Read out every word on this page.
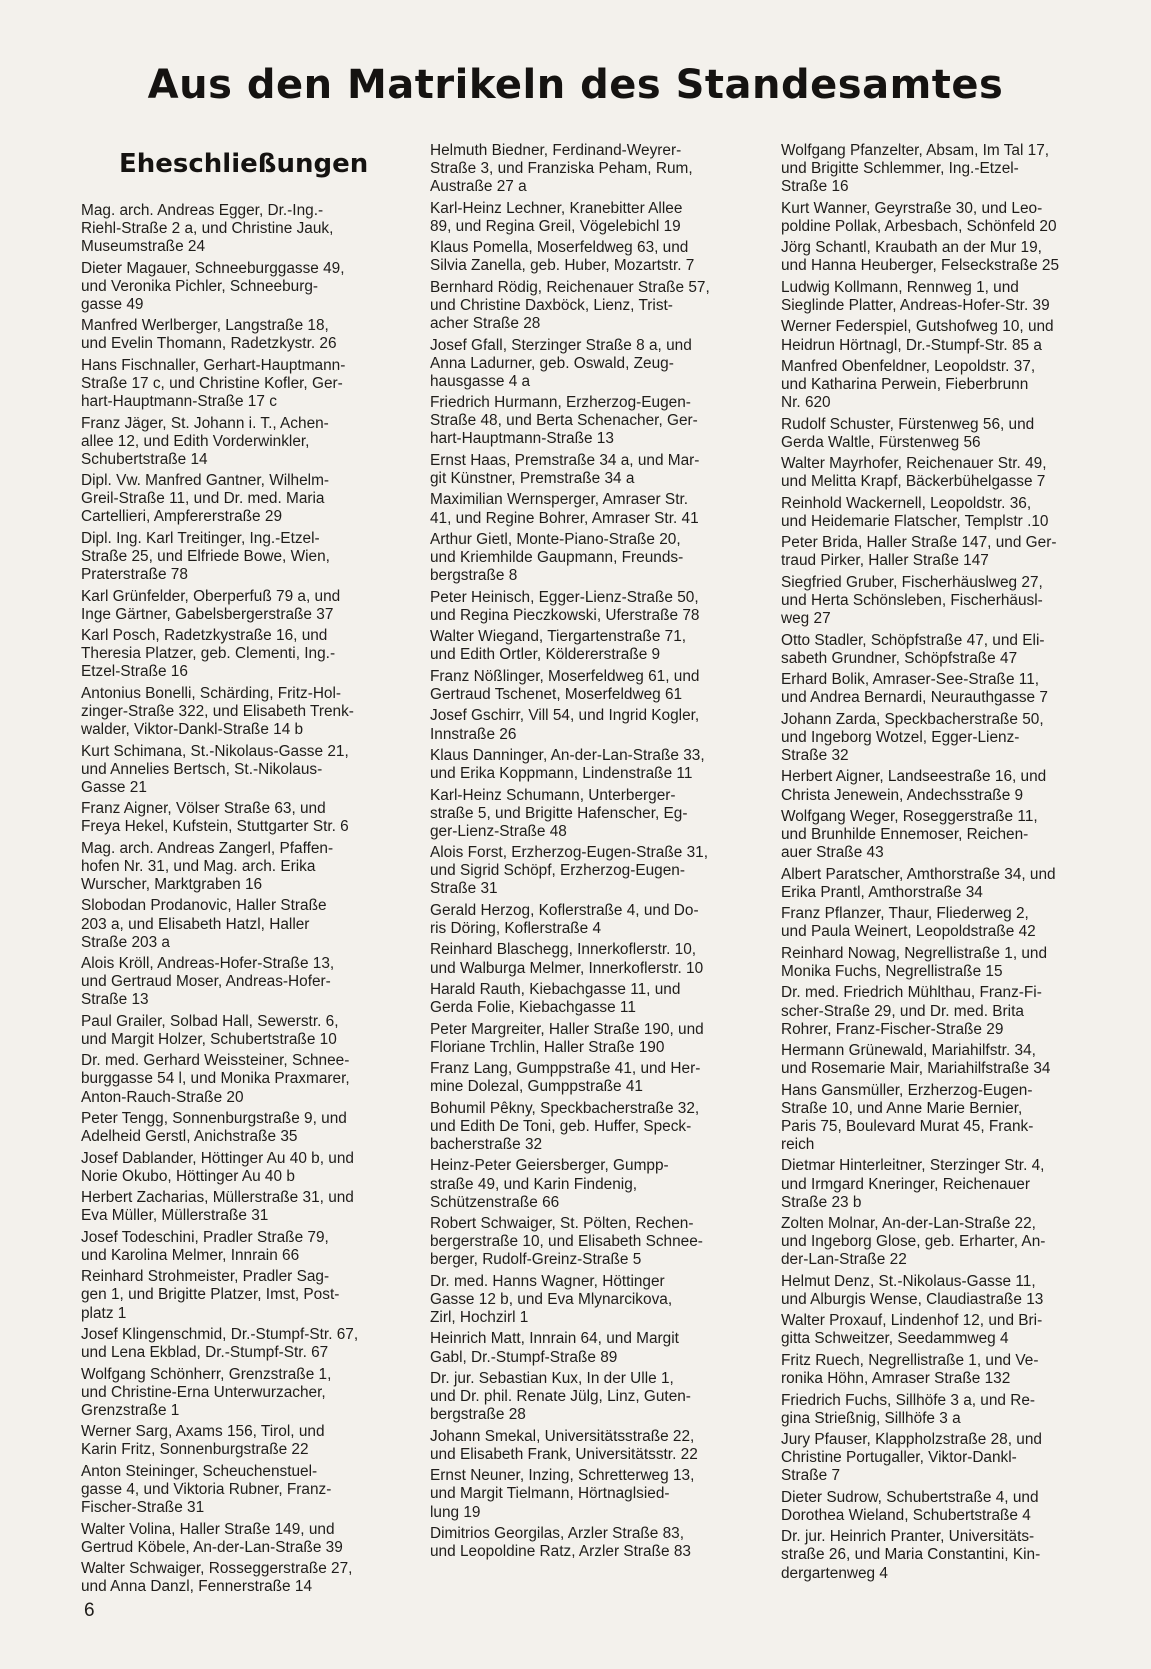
Aus den Matrikeln des Standesamtes
Eheschließungen
Mag. arch. Andreas Egger, Dr.-Ing.-
Riehl-Straße 2 a, und Christine Jauk,
Museumstraße 24
Dieter Magauer, Schneeburggasse 49,
und Veronika Pichler, Schneeburg-
gasse 49
Manfred Werlberger, Langstraße 18,
und Evelin Thomann, Radetzkystr. 26
Hans Fischnaller, Gerhart-Hauptmann-
Straße 17 c, und Christine Kofler, Ger-
hart-Hauptmann-Straße 17 c
Franz Jäger, St. Johann i. T., Achen-
allee 12, und Edith Vorderwinkler,
Schubertstraße 14
Dipl. Vw. Manfred Gantner, Wilhelm-
Greil-Straße 11, und Dr. med. Maria
Cartellieri, Ampfererstraße 29
Dipl. Ing. Karl Treitinger, Ing.-Etzel-
Straße 25, und Elfriede Bowe, Wien,
Praterstraße 78
Karl Grünfelder, Oberperfuß 79 a, und
Inge Gärtner, Gabelsbergerstraße 37
Karl Posch, Radetzkystraße 16, und
Theresia Platzer, geb. Clementi, Ing.-
Etzel-Straße 16
Antonius Bonelli, Schärding, Fritz-Hol-
zinger-Straße 322, und Elisabeth Trenk-
walder, Viktor-Dankl-Straße 14 b
Kurt Schimana, St.-Nikolaus-Gasse 21,
und Annelies Bertsch, St.-Nikolaus-
Gasse 21
Franz Aigner, Völser Straße 63, und
Freya Hekel, Kufstein, Stuttgarter Str. 6
Mag. arch. Andreas Zangerl, Pfaffen-
hofen Nr. 31, und Mag. arch. Erika
Wurscher, Marktgraben 16
Slobodan Prodanovic, Haller Straße
203 a, und Elisabeth Hatzl, Haller
Straße 203 a
Alois Kröll, Andreas-Hofer-Straße 13,
und Gertraud Moser, Andreas-Hofer-
Straße 13
Paul Grailer, Solbad Hall, Sewerstr. 6,
und Margit Holzer, Schubertstraße 10
Dr. med. Gerhard Weissteiner, Schnee-
burggasse 54 l, und Monika Praxmarer,
Anton-Rauch-Straße 20
Peter Tengg, Sonnenburgstraße 9, und
Adelheid Gerstl, Anichstraße 35
Josef Dablander, Höttinger Au 40 b, und
Norie Okubo, Höttinger Au 40 b
Herbert Zacharias, Müllerstraße 31, und
Eva Müller, Müllerstraße 31
Josef Todeschini, Pradler Straße 79,
und Karolina Melmer, Innrain 66
Reinhard Strohmeister, Pradler Sag-
gen 1, und Brigitte Platzer, Imst, Post-
platz 1
Josef Klingenschmid, Dr.-Stumpf-Str. 67,
und Lena Ekblad, Dr.-Stumpf-Str. 67
Wolfgang Schönherr, Grenzstraße 1,
und Christine-Erna Unterwurzacher,
Grenzstraße 1
Werner Sarg, Axams 156, Tirol, und
Karin Fritz, Sonnenburgstraße 22
Anton Steininger, Scheuchenstuel-
gasse 4, und Viktoria Rubner, Franz-
Fischer-Straße 31
Walter Volina, Haller Straße 149, und
Gertrud Köbele, An-der-Lan-Straße 39
Walter Schwaiger, Rosseggerstraße 27,
und Anna Danzl, Fennerstraße 14
Helmuth Biedner, Ferdinand-Weyrer-
Straße 3, und Franziska Peham, Rum,
Austraße 27 a
Karl-Heinz Lechner, Kranebitter Allee
89, und Regina Greil, Vögelebichl 19
Klaus Pomella, Moserfeldweg 63, und
Silvia Zanella, geb. Huber, Mozartstr. 7
Bernhard Rödig, Reichenauer Straße 57,
und Christine Daxböck, Lienz, Trist-
acher Straße 28
Josef Gfall, Sterzinger Straße 8 a, und
Anna Ladurner, geb. Oswald, Zeug-
hausgasse 4 a
Friedrich Hurmann, Erzherzog-Eugen-
Straße 48, und Berta Schenacher, Ger-
hart-Hauptmann-Straße 13
Ernst Haas, Premstraße 34 a, und Mar-
git Künstner, Premstraße 34 a
Maximilian Wernsperger, Amraser Str.
41, und Regine Bohrer, Amraser Str. 41
Arthur Gietl, Monte-Piano-Straße 20,
und Kriemhilde Gaupmann, Freunds-
bergstraße 8
Peter Heinisch, Egger-Lienz-Straße 50,
und Regina Pieczkowski, Uferstraße 78
Walter Wiegand, Tiergartenstraße 71,
und Edith Ortler, Köldererstraße 9
Franz Nößlinger, Moserfeldweg 61, und
Gertraud Tschenet, Moserfeldweg 61
Josef Gschirr, Vill 54, und Ingrid Kogler,
Innstraße 26
Klaus Danninger, An-der-Lan-Straße 33,
und Erika Koppmann, Lindenstraße 11
Karl-Heinz Schumann, Unterberger-
straße 5, und Brigitte Hafenscher, Eg-
ger-Lienz-Straße 48
Alois Forst, Erzherzog-Eugen-Straße 31,
und Sigrid Schöpf, Erzherzog-Eugen-
Straße 31
Gerald Herzog, Koflerstraße 4, und Do-
ris Döring, Koflerstraße 4
Reinhard Blaschegg, Innerkoflerstr. 10,
und Walburga Melmer, Innerkoflerstr. 10
Harald Rauth, Kiebachgasse 11, und
Gerda Folie, Kiebachgasse 11
Peter Margreiter, Haller Straße 190, und
Floriane Trchlin, Haller Straße 190
Franz Lang, Gumppstraße 41, und Her-
mine Dolezal, Gumppstraße 41
Bohumil Pêkny, Speckbacherstraße 32,
und Edith De Toni, geb. Huffer, Speck-
bacherstraße 32
Heinz-Peter Geiersberger, Gumpp-
straße 49, und Karin Findenig,
Schützenstraße 66
Robert Schwaiger, St. Pölten, Rechen-
bergerstraße 10, und Elisabeth Schnee-
berger, Rudolf-Greinz-Straße 5
Dr. med. Hanns Wagner, Höttinger
Gasse 12 b, und Eva Mlynarcikova,
Zirl, Hochzirl 1
Heinrich Matt, Innrain 64, und Margit
Gabl, Dr.-Stumpf-Straße 89
Dr. jur. Sebastian Kux, In der Ulle 1,
und Dr. phil. Renate Jülg, Linz, Guten-
bergstraße 28
Johann Smekal, Universitätsstraße 22,
und Elisabeth Frank, Universitätsstr. 22
Ernst Neuner, Inzing, Schretterweg 13,
und Margit Tielmann, Hörtnaglsied-
lung 19
Dimitrios Georgilas, Arzler Straße 83,
und Leopoldine Ratz, Arzler Straße 83
Wolfgang Pfanzelter, Absam, Im Tal 17,
und Brigitte Schlemmer, Ing.-Etzel-
Straße 16
Kurt Wanner, Geyrstraße 30, und Leo-
poldine Pollak, Arbesbach, Schönfeld 20
Jörg Schantl, Kraubath an der Mur 19,
und Hanna Heuberger, Felseckstraße 25
Ludwig Kollmann, Rennweg 1, und
Sieglinde Platter, Andreas-Hofer-Str. 39
Werner Federspiel, Gutshofweg 10, und
Heidrun Hörtnagl, Dr.-Stumpf-Str. 85 a
Manfred Obenfeldner, Leopoldstr. 37,
und Katharina Perwein, Fieberbrunn
Nr. 620
Rudolf Schuster, Fürstenweg 56, und
Gerda Waltle, Fürstenweg 56
Walter Mayrhofer, Reichenauer Str. 49,
und Melitta Krapf, Bäckerbühelgasse 7
Reinhold Wackernell, Leopoldstr. 36,
und Heidemarie Flatscher, Templstr .10
Peter Brida, Haller Straße 147, und Ger-
traud Pirker, Haller Straße 147
Siegfried Gruber, Fischerhäuslweg 27,
und Herta Schönsleben, Fischerhäusl-
weg 27
Otto Stadler, Schöpfstraße 47, und Eli-
sabeth Grundner, Schöpfstraße 47
Erhard Bolik, Amraser-See-Straße 11,
und Andrea Bernardi, Neurauthgasse 7
Johann Zarda, Speckbacherstraße 50,
und Ingeborg Wotzel, Egger-Lienz-
Straße 32
Herbert Aigner, Landseestraße 16, und
Christa Jenewein, Andechsstraße 9
Wolfgang Weger, Roseggerstraße 11,
und Brunhilde Ennemoser, Reichen-
auer Straße 43
Albert Paratscher, Amthorstraße 34, und
Erika Prantl, Amthorstraße 34
Franz Pflanzer, Thaur, Fliederweg 2,
und Paula Weinert, Leopoldstraße 42
Reinhard Nowag, Negrellistraße 1, und
Monika Fuchs, Negrellistraße 15
Dr. med. Friedrich Mühlthau, Franz-Fi-
scher-Straße 29, und Dr. med. Brita
Rohrer, Franz-Fischer-Straße 29
Hermann Grünewald, Mariahilfstr. 34,
und Rosemarie Mair, Mariahilfstraße 34
Hans Gansmüller, Erzherzog-Eugen-
Straße 10, und Anne Marie Bernier,
Paris 75, Boulevard Murat 45, Frank-
reich
Dietmar Hinterleitner, Sterzinger Str. 4,
und Irmgard Kneringer, Reichenauer
Straße 23 b
Zolten Molnar, An-der-Lan-Straße 22,
und Ingeborg Glose, geb. Erharter, An-
der-Lan-Straße 22
Helmut Denz, St.-Nikolaus-Gasse 11,
und Alburgis Wense, Claudiastraße 13
Walter Proxauf, Lindenhof 12, und Bri-
gitta Schweitzer, Seedammweg 4
Fritz Ruech, Negrellistraße 1, und Ve-
ronika Höhn, Amraser Straße 132
Friedrich Fuchs, Sillhöfe 3 a, und Re-
gina Strießnig, Sillhöfe 3 a
Jury Pfauser, Klappholzstraße 28, und
Christine Portugaller, Viktor-Dankl-
Straße 7
Dieter Sudrow, Schubertstraße 4, und
Dorothea Wieland, Schubertstraße 4
Dr. jur. Heinrich Pranter, Universitäts-
straße 26, und Maria Constantini, Kin-
dergartenweg 4
6
